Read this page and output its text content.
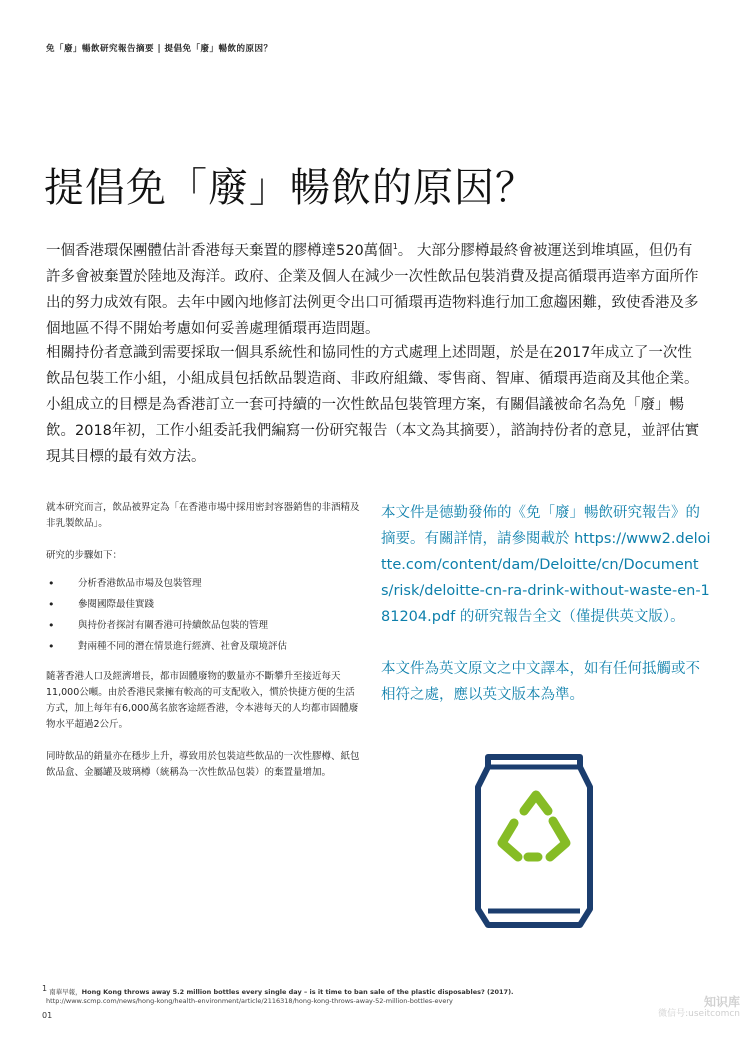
免「廢」暢飲研究報告摘要 | 提倡免「廢」暢飲的原因？
提倡免「廢」暢飲的原因？

一個香港環保團體估計香港每天棄置的膠樽達520萬個$^1$。 大部分膠樽最終會被運送到堆填區，但仍有許多會被棄置於陸地及海洋。政府、企業及個人在減少一次性飲品包裝消費及提高循環再造率方面所作出的努力成效有限。去年中國內地修訂法例更令出口可循環再造物料進行加工愈趨困難，致使香港及多個地區不得不開始考慮如何妥善處理循環再造問題。

相關持份者意識到需要採取一個具系統性和協同性的方式處理上述問題，於是在2017年成立了一次性飲品包裝工作小組，小組成員包括飲品製造商、非政府組織、零售商、智庫、循環再造商及其他企業。小組成立的目標是為香港訂立一套可持續的一次性飲品包裝管理方案，有關倡議被命名為免「廢」暢飲。2018年初，工作小組委託我們編寫一份研究報告（本文為其摘要），諮詢持份者的意見，並評估實現其目標的最有效方法。

就本研究而言，飲品被界定為「在香港市場中採用密封容器銷售的非酒精及非乳製飲品」。

研究的步驟如下：

• 分析香港飲品市場及包裝管理
• 參閱國際最佳實踐
• 與持份者探討有關香港可持續飲品包裝的管理
• 對兩種不同的潛在情景進行經濟、社會及環境評估

隨著香港人口及經濟增長，都市固體廢物的數量亦不斷攀升至接近每天11,000公噸。由於香港民衆擁有較高的可支配收入，慣於快捷方便的生活方式，加上每年有6,000萬名旅客途經香港，令本港每天的人均都市固體廢物水平超過2公斤。

同時飲品的銷量亦在穩步上升，導致用於包裝這些飲品的一次性膠樽、紙包飲品盒、金屬罐及玻璃樽（統稱為一次性飲品包裝）的棄置量增加。

本文件是德勤發佈的《免「廢」暢飲研究報告》的摘要。有關詳情，請參閱載於 https://www2.deloitte.com/content/dam/Deloitte/cn/Documents/risk/deloitte-cn-ra-drink-without-waste-en-181204.pdf 的研究報告全文（僅提供英文版）。

本文件為英文原文之中文譯本，如有任何抵觸或不相符之處，應以英文版本為準。

$^1$ 南華早報，Hong Kong throws away 5.2 million bottles every single day – is it time to ban sale of the plastic disposables? (2017).
http://www.scmp.com/news/hong-kong/health-environment/article/2116318/hong-kong-throws-away-52-million-bottles-every
01
知识库
微信号:useitcomcn
